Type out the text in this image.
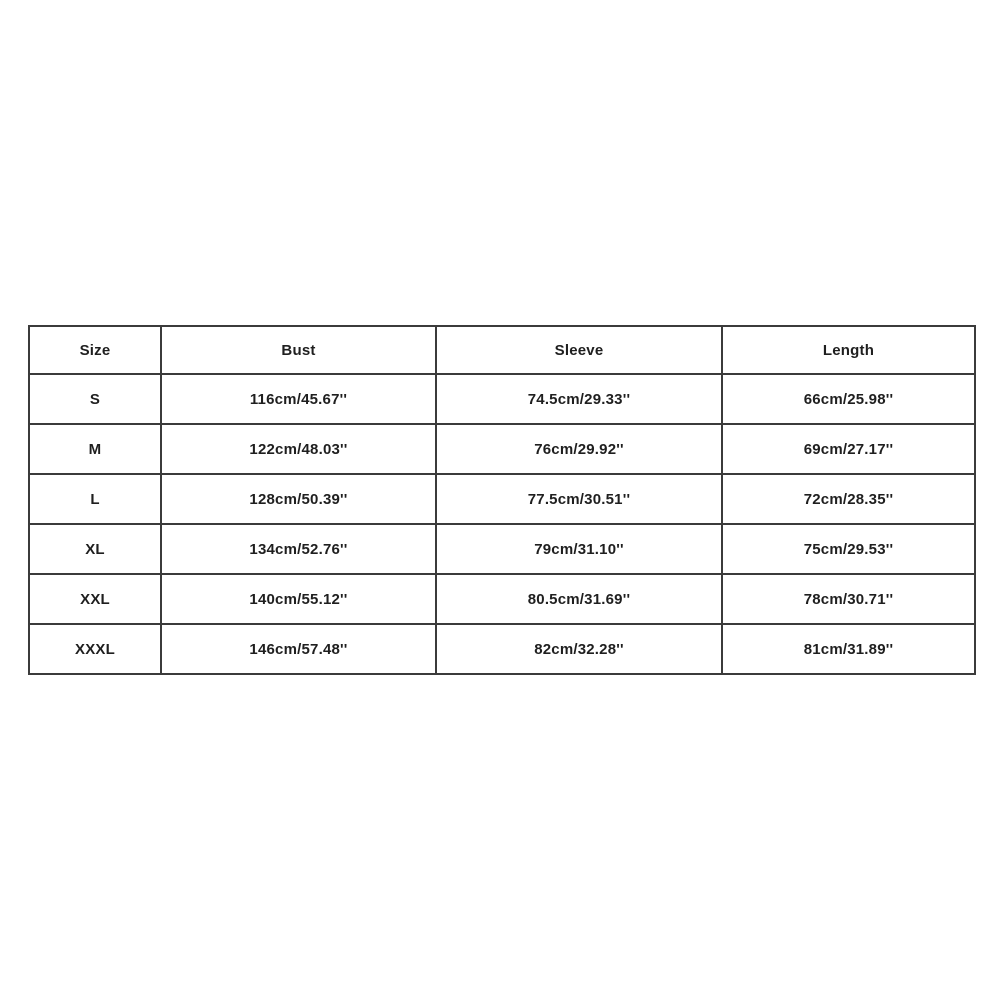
Size	Bust	Sleeve	Length
S	116cm/45.67''	74.5cm/29.33''	66cm/25.98''
M	122cm/48.03''	76cm/29.92''	69cm/27.17''
L	128cm/50.39''	77.5cm/30.51''	72cm/28.35''
XL	134cm/52.76''	79cm/31.10''	75cm/29.53''
XXL	140cm/55.12''	80.5cm/31.69''	78cm/30.71''
XXXL	146cm/57.48''	82cm/32.28''	81cm/31.89''
